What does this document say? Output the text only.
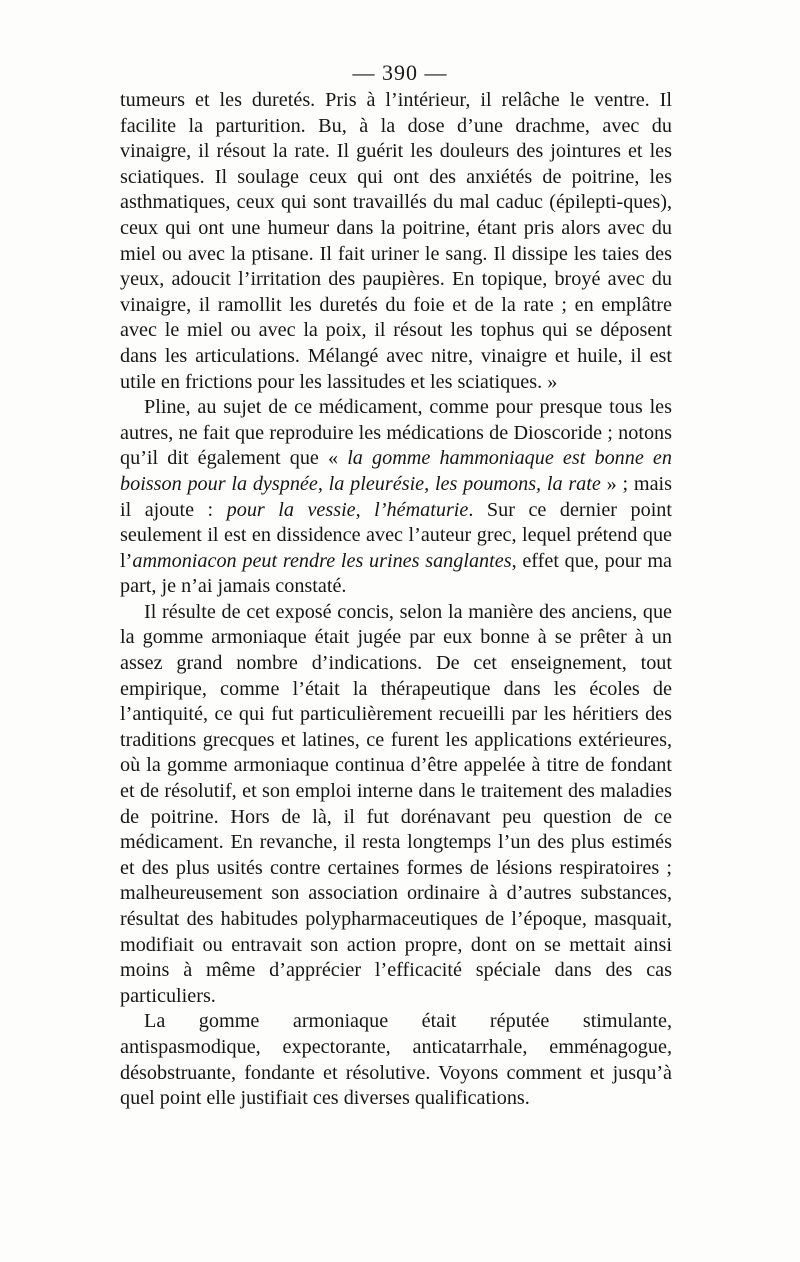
— 390 —

tumeurs et les duretés. Pris à l’intérieur, il relâche le ventre. Il facilite la parturition. Bu, à la dose d’une drachme, avec du vinaigre, il résout la rate. Il guérit les douleurs des jointures et les sciatiques. Il soulage ceux qui ont des anxiétés de poitrine, les asthmatiques, ceux qui sont travaillés du mal caduc (épilepti-ques), ceux qui ont une humeur dans la poitrine, étant pris alors avec du miel ou avec la ptisane. Il fait uriner le sang. Il dissipe les taies des yeux, adoucit l’irritation des paupières. En topique, broyé avec du vinaigre, il ramollit les duretés du foie et de la rate ; en emplâtre avec le miel ou avec la poix, il résout les tophus qui se déposent dans les articulations. Mélangé avec nitre, vinaigre et huile, il est utile en frictions pour les lassitudes et les sciatiques. »

Pline, au sujet de ce médicament, comme pour presque tous les autres, ne fait que reproduire les médications de Dioscoride ; notons qu’il dit également que « la gomme hammoniaque est bonne en boisson pour la dyspnée, la pleurésie, les poumons, la rate » ; mais il ajoute : pour la vessie, l’hématurie. Sur ce dernier point seulement il est en dissidence avec l’auteur grec, lequel prétend que l’ammoniacon peut rendre les urines sanglantes, effet que, pour ma part, je n’ai jamais constaté.

Il résulte de cet exposé concis, selon la manière des anciens, que la gomme armoniaque était jugée par eux bonne à se prêter à un assez grand nombre d’indications. De cet enseignement, tout empirique, comme l’était la thérapeutique dans les écoles de l’antiquité, ce qui fut particulièrement recueilli par les héritiers des traditions grecques et latines, ce furent les applications extérieures, où la gomme armoniaque continua d’être appelée à titre de fondant et de résolutif, et son emploi interne dans le traitement des maladies de poitrine. Hors de là, il fut dorénavant peu question de ce médicament. En revanche, il resta longtemps l’un des plus estimés et des plus usités contre certaines formes de lésions respiratoires ; malheureusement son association ordinaire à d’autres substances, résultat des habitudes polypharmaceutiques de l’époque, masquait, modifiait ou entravait son action propre, dont on se mettait ainsi moins à même d’apprécier l’efficacité spéciale dans des cas particuliers.

La gomme armoniaque était réputée stimulante, antispasmodique, expectorante, anticatarrhale, emménagogue, désobstruante, fondante et résolutive. Voyons comment et jusqu’à quel point elle justifiait ces diverses qualifications.
